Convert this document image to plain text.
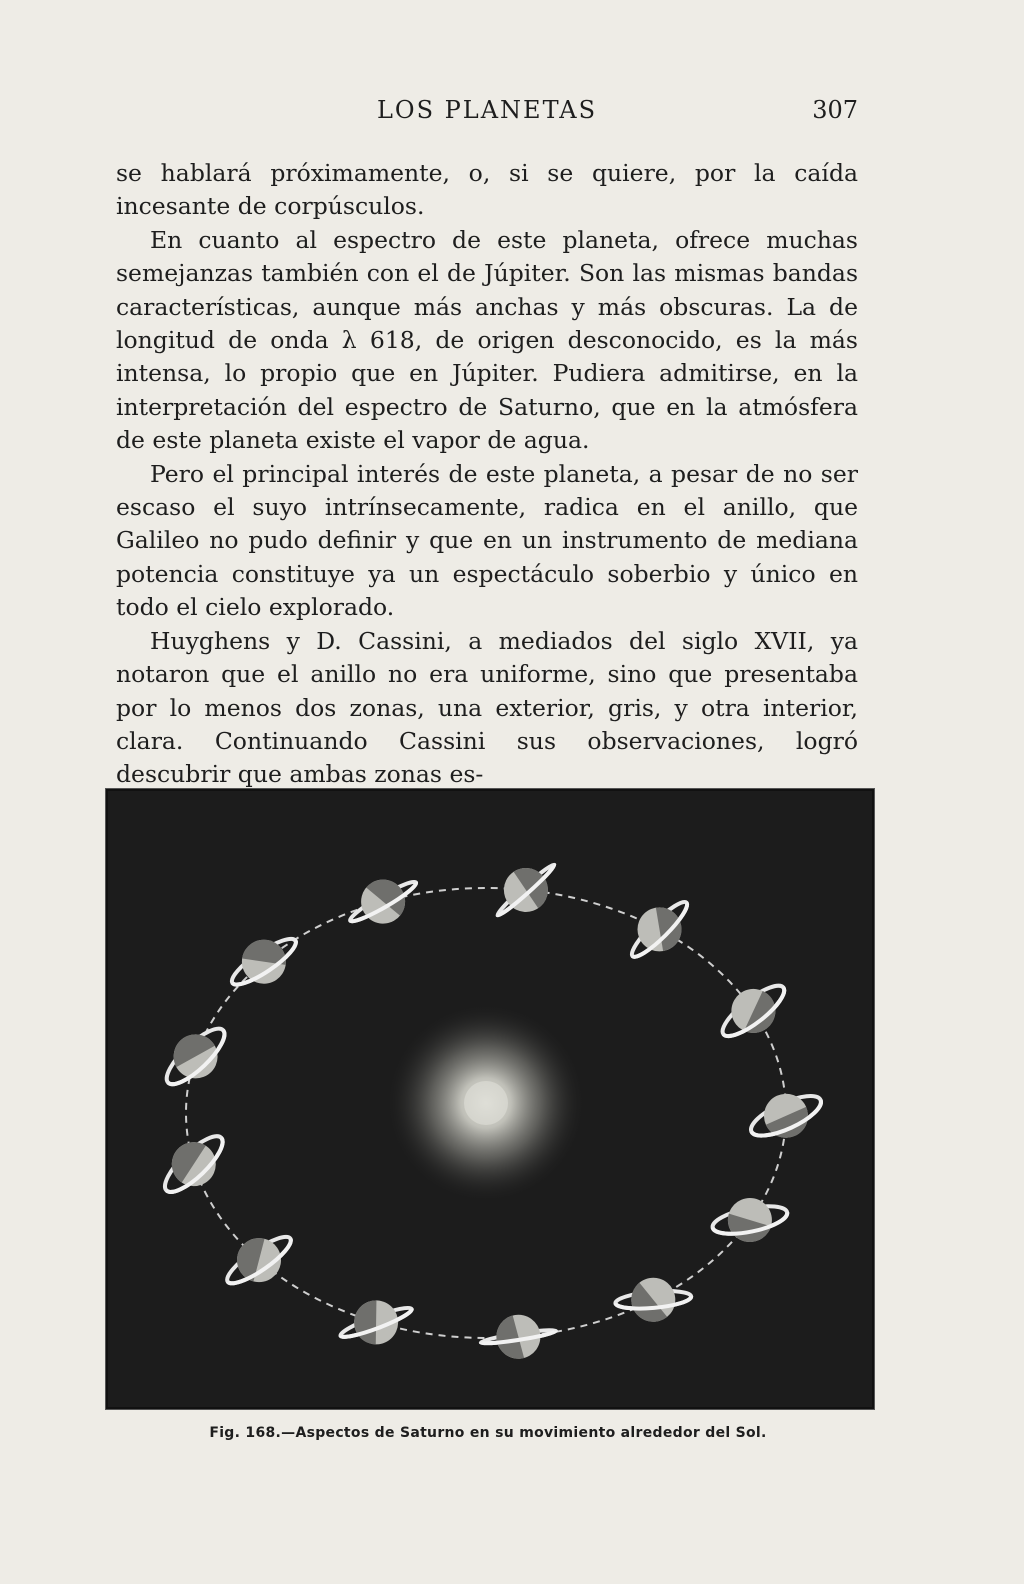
LOS PLANETAS	307

se hablará próximamente, o, si se quiere, por la caída incesante de corpúsculos.

En cuanto al espectro de este planeta, ofrece muchas semejanzas también con el de Júpiter. Son las mismas bandas características, aunque más anchas y más obscuras. La de longitud de onda λ 618, de origen desconocido, es la más intensa, lo propio que en Júpiter. Pudiera admitirse, en la interpretación del espectro de Saturno, que en la atmósfera de este planeta existe el vapor de agua.

Pero el principal interés de este planeta, a pesar de no ser escaso el suyo intrínsecamente, radica en el anillo, que Galileo no pudo definir y que en un instrumento de mediana potencia constituye ya un espectáculo soberbio y único en todo el cielo explorado.

Huyghens y D. Cassini, a mediados del siglo XVII, ya notaron que el anillo no era uniforme, sino que presentaba por lo menos dos zonas, una exterior, gris, y otra interior, clara. Continuando Cassini sus observaciones, logró descubrir que ambas zonas es-

Fig. 168.—Aspectos de Saturno en su movimiento alrededor del Sol.
